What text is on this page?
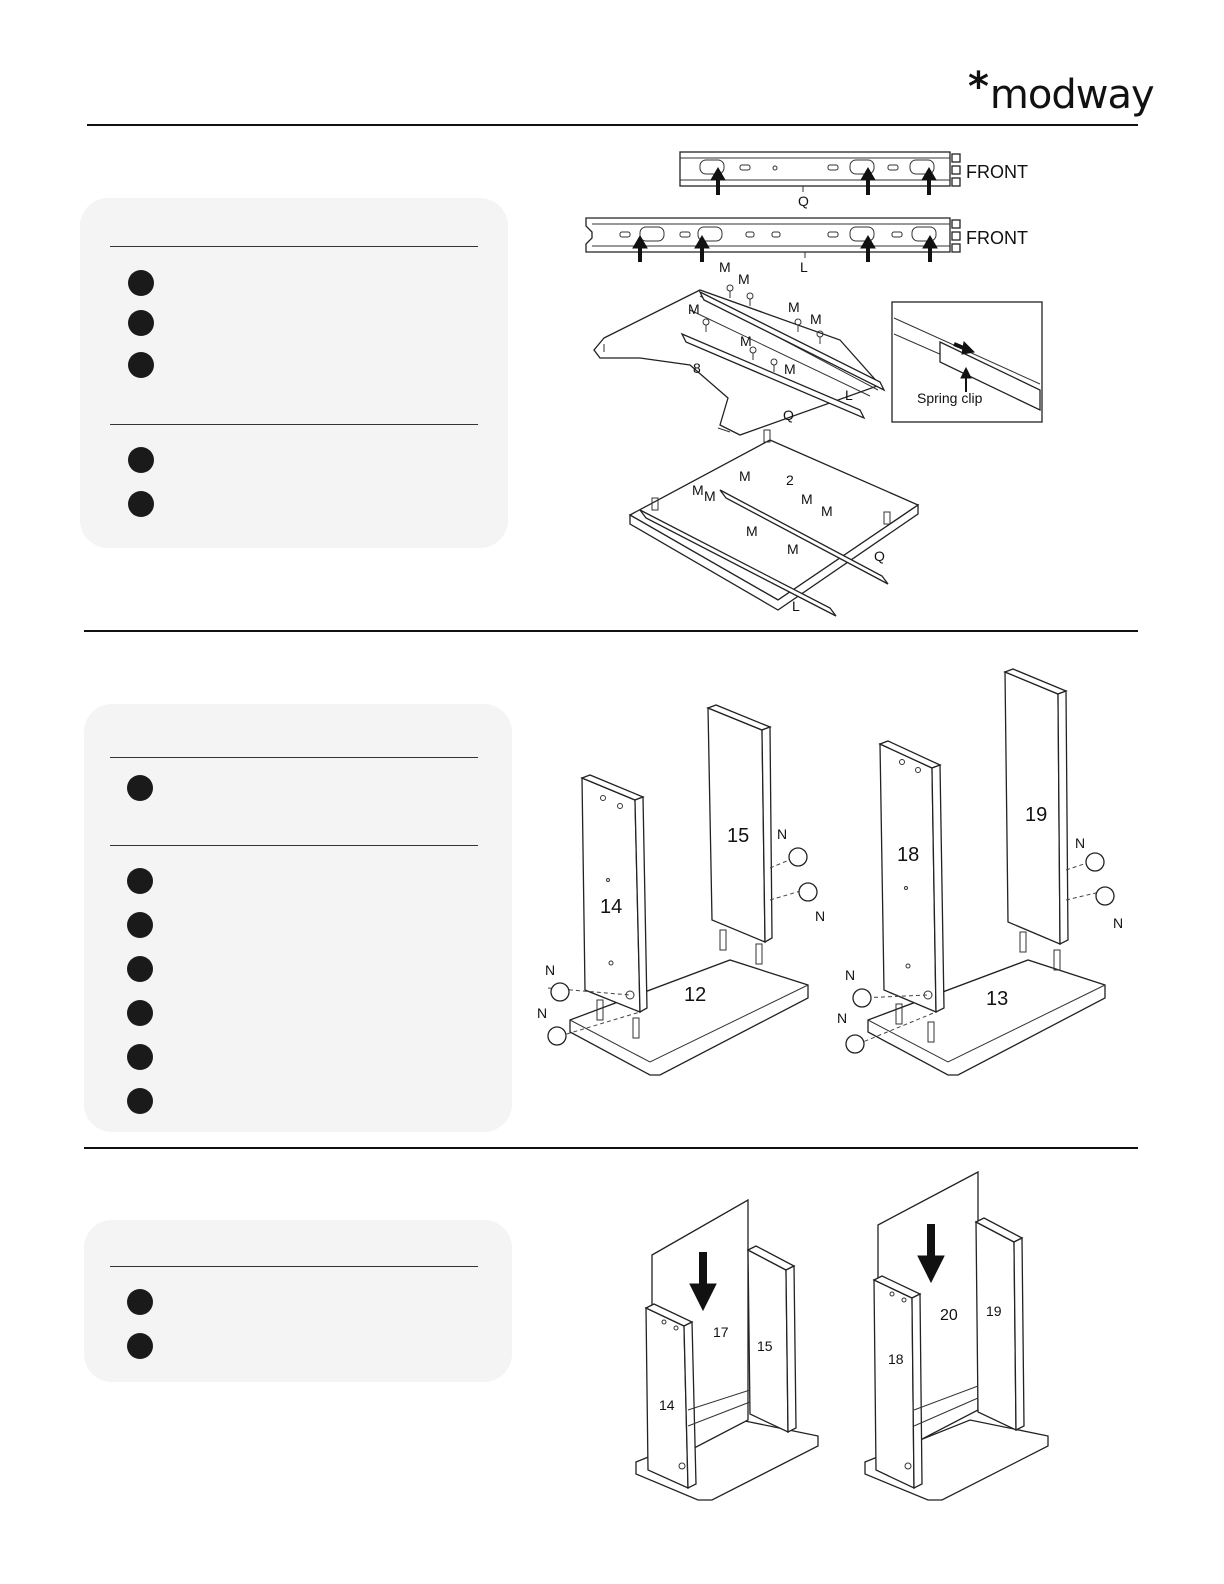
*modway
FRONT
Q
FRONT
L
8
M
M
M
M
M
M
M
Q
L	Spring clip
2
M
M M	M
M
M
M	Q
L
14
15
12
N
N
N
N
18
19
13
N
N
N
N
17
15
14
20 19
18
